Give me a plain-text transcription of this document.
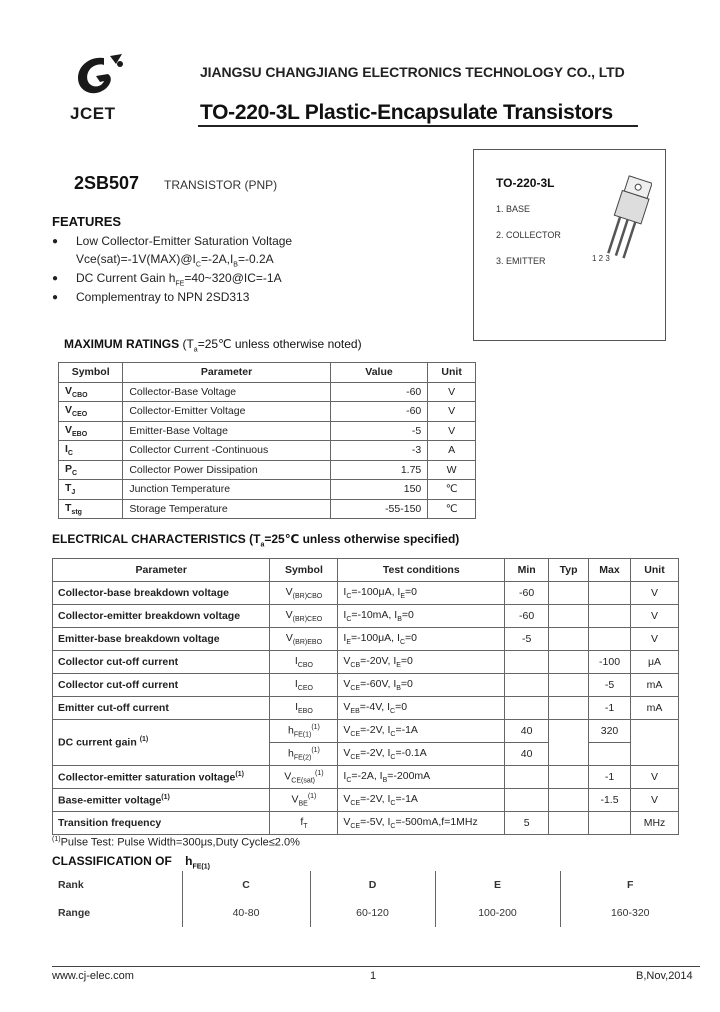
JCET
JIANGSU CHANGJIANG ELECTRONICS TECHNOLOGY CO., LTD
TO-220-3L Plastic-Encapsulate Transistors
2SB507 TRANSISTOR (PNP)	TO-220-3L
1. BASE
2. COLLECTOR
3. EMITTER	1 2 3
FEATURES
● Low Collector-Emitter Saturation Voltage
$Vce(sat)=-1V(MAX)@I_C=-2A,I_B=-0.2A$
● DC Current Gain $h_{FE}=40\sim 320@IC=-1A$
● Complementray to NPN 2SD313
MAXIMUM RATINGS ($T_a=25℃$ unless otherwise noted)
Symbol	Parameter	Value	Unit
$V_{CBO}$	Collector-Base Voltage	-60	V
$V_{CEO}$	Collector-Emitter Voltage	-60	V
$V_{EBO}$	Emitter-Base Voltage	-5	V
$I_C$	Collector Current -Continuous	-3	A
$P_C$	Collector Power Dissipation	1.75	W
$T_J$	Junction Temperature	150	℃
$T_{stg}$	Storage Temperature	-55-150	℃
ELECTRICAL CHARACTERISTICS ($T_a=25℃$ unless otherwise specified)
Parameter	Symbol	Test conditions	Min	Typ	Max	Unit
Collector-base breakdown voltage	$V_{(BR)CBO}$	$I_C=-100\mu A$, $I_E=0$	-60			V
Collector-emitter breakdown voltage	$V_{(BR)CEO}$	$I_C=-10mA$, $I_B=0$	-60			V
Emitter-base breakdown voltage	$V_{(BR)EBO}$	$I_E=-100\mu A$, $I_C=0$	-5			V
Collector cut-off current	$I_{CBO}$	$V_{CB}=-20V$, $I_E=0$			-100	μA
Collector cut-off current	$I_{CEO}$	$V_{CE}=-60V$, $I_B=0$			-5	mA
Emitter cut-off current	$I_{EBO}$	$V_{EB}=-4V$, $I_C=0$			-1	mA
DC current gain $^{(1)}$	$h_{FE(1)}^{(1)}$	$V_{CE}=-2V$, $I_C=-1A$	40		320	
	$h_{FE(2)}^{(1)}$	$V_{CE}=-2V$, $I_C=-0.1A$	40			
Collector-emitter saturation voltage$^{(1)}$	$V_{CE(sat)}^{(1)}$	$I_C=-2A$, $I_B=-200mA$			-1	V
Base-emitter voltage$^{(1)}$	$V_{BE}^{(1)}$	$V_{CE}=-2V$, $I_C=-1A$			-1.5	V
Transition frequency	$f_T$	$V_{CE}=-5V$, $I_C=-500mA,f=1MHz$	5			MHz
$^{(1)}$Pulse Test: Pulse Width=300μs,Duty Cycle≤2.0%
CLASSIFICATION OF $h_{FE(1)}$
Rank	C	D	E	F
Range	40-80	60-120	100-200	160-320
www.cj-elec.com	1	B,Nov,2014
